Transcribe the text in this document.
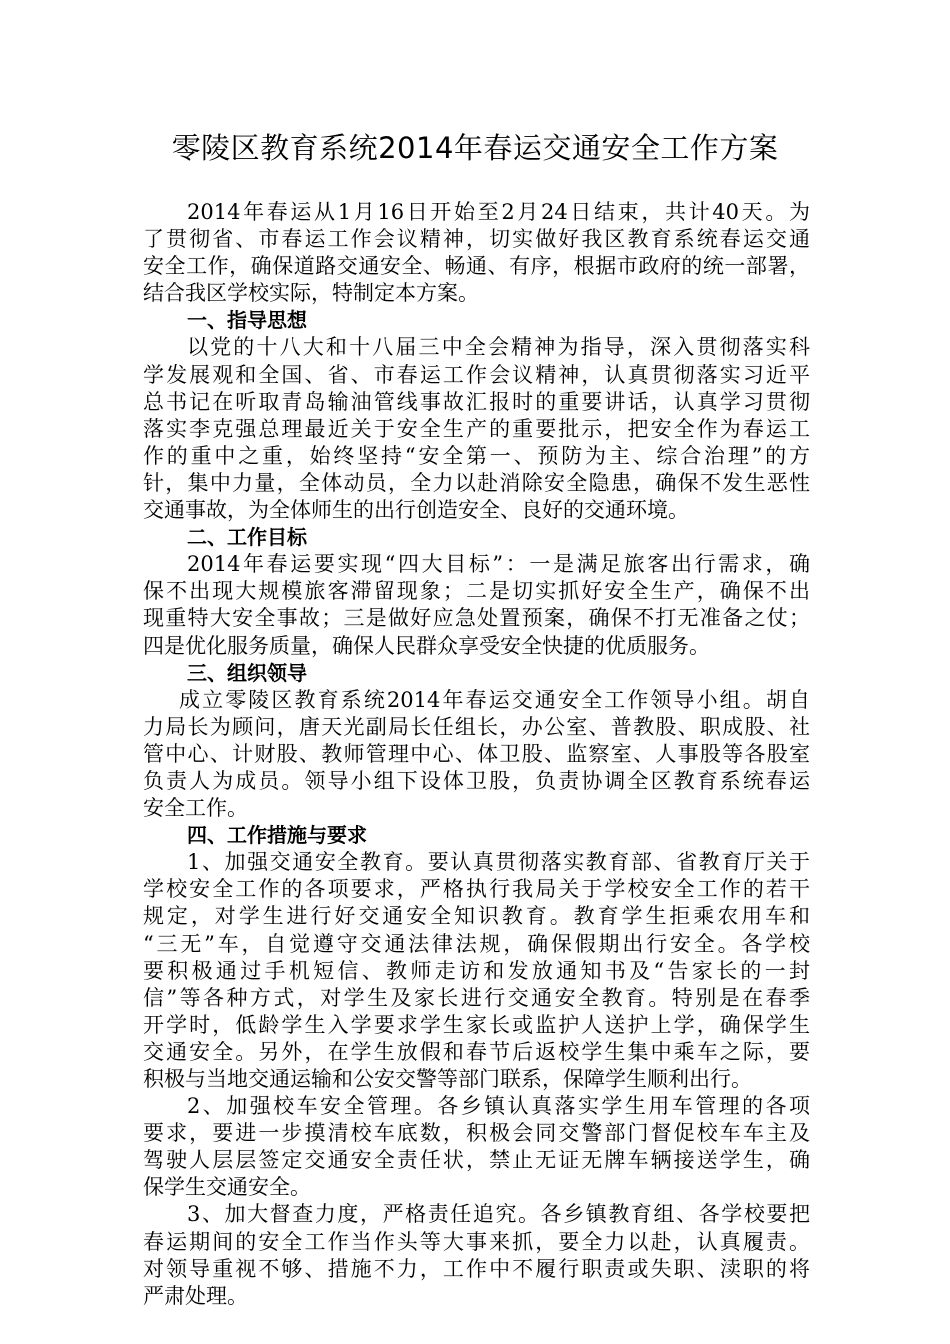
零陵区教育系统2014年春运交通安全工作方案
2014年春运从1月16日开始至2月24日结束，共计40天。为
了贯彻省、市春运工作会议精神，切实做好我区教育系统春运交通
安全工作，确保道路交通安全、畅通、有序，根据市政府的统一部署，
结合我区学校实际，特制定本方案。
一、指导思想
以党的十八大和十八届三中全会精神为指导，深入贯彻落实科
学发展观和全国、省、市春运工作会议精神，认真贯彻落实习近平
总书记在听取青岛输油管线事故汇报时的重要讲话，认真学习贯彻
落实李克强总理最近关于安全生产的重要批示，把安全作为春运工
作的重中之重，始终坚持“安全第一、预防为主、综合治理”的方
针，集中力量，全体动员，全力以赴消除安全隐患，确保不发生恶性
交通事故，为全体师生的出行创造安全、良好的交通环境。
二、工作目标
2014年春运要实现“四大目标”：一是满足旅客出行需求，确
保不出现大规模旅客滞留现象；二是切实抓好安全生产，确保不出
现重特大安全事故；三是做好应急处置预案，确保不打无准备之仗；
四是优化服务质量，确保人民群众享受安全快捷的优质服务。
三、组织领导
成立零陵区教育系统2014年春运交通安全工作领导小组。胡自
力局长为顾问，唐天光副局长任组长，办公室、普教股、职成股、社
管中心、计财股、教师管理中心、体卫股、监察室、人事股等各股室
负责人为成员。领导小组下设体卫股，负责协调全区教育系统春运
安全工作。
四、工作措施与要求
1、加强交通安全教育。要认真贯彻落实教育部、省教育厅关于
学校安全工作的各项要求，严格执行我局关于学校安全工作的若干
规定，对学生进行好交通安全知识教育。教育学生拒乘农用车和
“三无”车，自觉遵守交通法律法规，确保假期出行安全。各学校
要积极通过手机短信、教师走访和发放通知书及“告家长的一封
信”等各种方式，对学生及家长进行交通安全教育。特别是在春季
开学时，低龄学生入学要求学生家长或监护人送护上学，确保学生
交通安全。另外，在学生放假和春节后返校学生集中乘车之际，要
积极与当地交通运输和公安交警等部门联系，保障学生顺利出行。
2、加强校车安全管理。各乡镇认真落实学生用车管理的各项
要求，要进一步摸清校车底数，积极会同交警部门督促校车车主及
驾驶人层层签定交通安全责任状，禁止无证无牌车辆接送学生，确
保学生交通安全。
3、加大督查力度，严格责任追究。各乡镇教育组、各学校要把
春运期间的安全工作当作头等大事来抓，要全力以赴，认真履责。
对领导重视不够、措施不力，工作中不履行职责或失职、渎职的将
严肃处理。
